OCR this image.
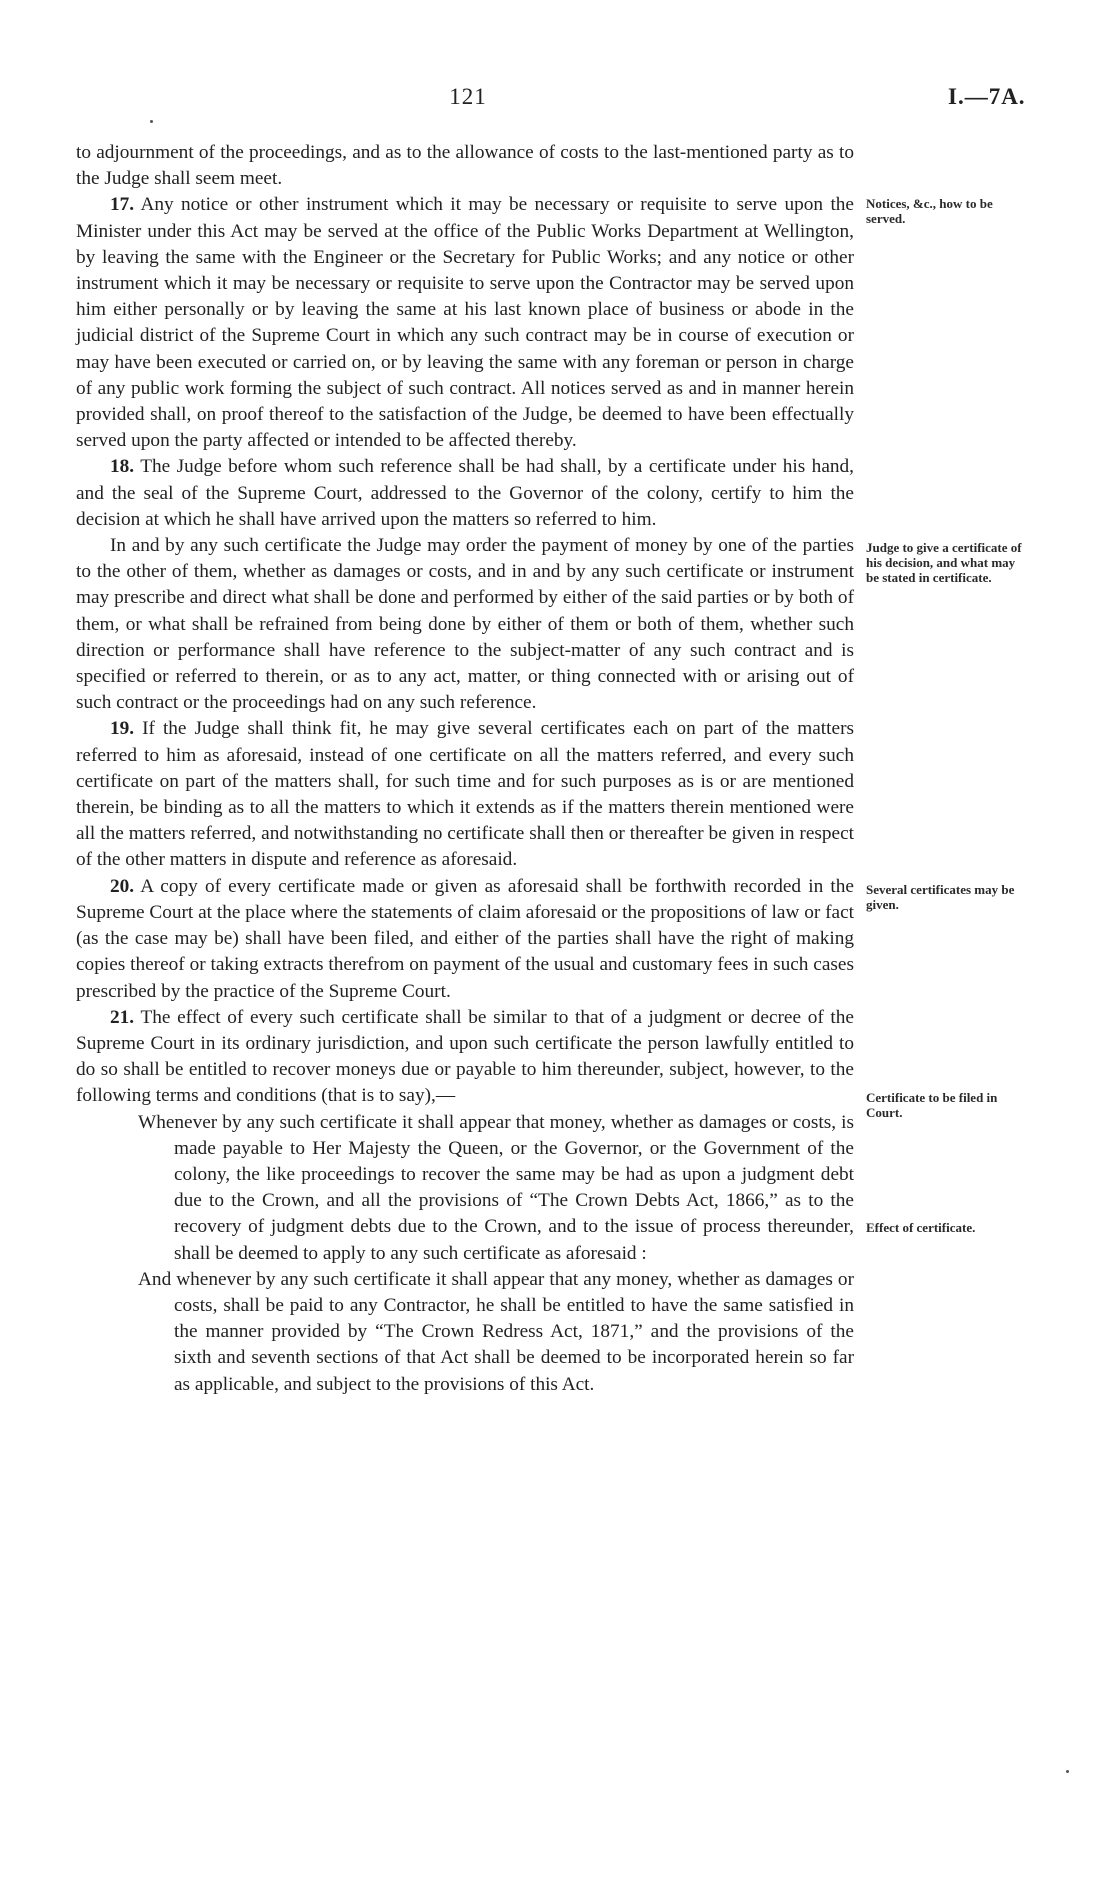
121	I.—7A.

to adjournment of the proceedings, and as to the allowance of costs to the last-mentioned party as to the Judge shall seem meet.

17. Any notice or other instrument which it may be necessary or requisite to serve upon the Minister under this Act may be served at the office of the Public Works Department at Wellington, by leaving the same with the Engineer or the Secretary for Public Works; and any notice or other instrument which it may be necessary or requisite to serve upon the Contractor may be served upon him either personally or by leaving the same at his last known place of business or abode in the judicial district of the Supreme Court in which any such contract may be in course of execution or may have been executed or carried on, or by leaving the same with any foreman or person in charge of any public work forming the subject of such contract. All notices served as and in manner herein provided shall, on proof thereof to the satisfaction of the Judge, be deemed to have been effectually served upon the party affected or intended to be affected thereby.

18. The Judge before whom such reference shall be had shall, by a certificate under his hand, and the seal of the Supreme Court, addressed to the Governor of the colony, certify to him the decision at which he shall have arrived upon the matters so referred to him.

In and by any such certificate the Judge may order the payment of money by one of the parties to the other of them, whether as damages or costs, and in and by any such certificate or instrument may prescribe and direct what shall be done and performed by either of the said parties or by both of them, or what shall be refrained from being done by either of them or both of them, whether such direction or performance shall have reference to the subject-matter of any such contract and is specified or referred to therein, or as to any act, matter, or thing connected with or arising out of such contract or the proceedings had on any such reference.

19. If the Judge shall think fit, he may give several certificates each on part of the matters referred to him as aforesaid, instead of one certificate on all the matters referred, and every such certificate on part of the matters shall, for such time and for such purposes as is or are mentioned therein, be binding as to all the matters to which it extends as if the matters therein mentioned were all the matters referred, and notwithstanding no certificate shall then or thereafter be given in respect of the other matters in dispute and reference as aforesaid.

20. A copy of every certificate made or given as aforesaid shall be forthwith recorded in the Supreme Court at the place where the statements of claim aforesaid or the propositions of law or fact (as the case may be) shall have been filed, and either of the parties shall have the right of making copies thereof or taking extracts therefrom on payment of the usual and customary fees in such cases prescribed by the practice of the Supreme Court.

21. The effect of every such certificate shall be similar to that of a judgment or decree of the Supreme Court in its ordinary jurisdiction, and upon such certificate the person lawfully entitled to do so shall be entitled to recover moneys due or payable to him thereunder, subject, however, to the following terms and conditions (that is to say),—

Whenever by any such certificate it shall appear that money, whether as damages or costs, is made payable to Her Majesty the Queen, or the Governor, or the Government of the colony, the like proceedings to recover the same may be had as upon a judgment debt due to the Crown, and all the provisions of “The Crown Debts Act, 1866,” as to the recovery of judgment debts due to the Crown, and to the issue of process thereunder, shall be deemed to apply to any such certificate as aforesaid :

And whenever by any such certificate it shall appear that any money, whether as damages or costs, shall be paid to any Contractor, he shall be entitled to have the same satisfied in the manner provided by “The Crown Redress Act, 1871,” and the provisions of the sixth and seventh sections of that Act shall be deemed to be incorporated herein so far as applicable, and subject to the provisions of this Act.

Notices, &c., how to be served.
Judge to give a certificate of his decision, and what may be stated in certificate.
Several certificates may be given.
Certificate to be filed in Court.
Effect of certificate.
